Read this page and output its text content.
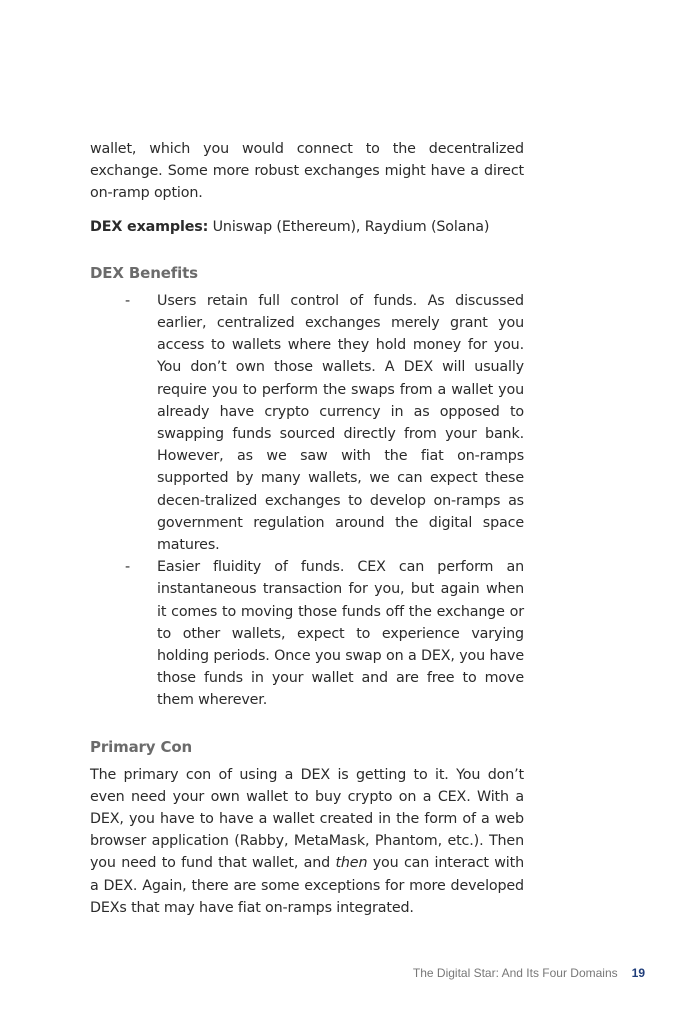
wallet, which you would connect to the decentralized exchange. Some more robust exchanges might have a direct on-ramp option.

DEX examples: Uniswap (Ethereum), Raydium (Solana)

DEX Benefits
- Users retain full control of funds. As discussed earlier, centralized exchanges merely grant you access to wallets where they hold money for you. You don’t own those wallets. A DEX will usually require you to perform the swaps from a wallet you already have crypto currency in as opposed to swapping funds sourced directly from your bank. However, as we saw with the fiat on-ramps supported by many wallets, we can expect these decen-tralized exchanges to develop on-ramps as government regulation around the digital space matures.
- Easier fluidity of funds. CEX can perform an instantaneous transaction for you, but again when it comes to moving those funds off the exchange or to other wallets, expect to experience varying holding periods. Once you swap on a DEX, you have those funds in your wallet and are free to move them wherever.
Primary Con

The primary con of using a DEX is getting to it. You don’t even need your own wallet to buy crypto on a CEX. With a DEX, you have to have a wallet created in the form of a web browser application (Rabby, MetaMask, Phantom, etc.). Then you need to fund that wallet, and then you can interact with a DEX. Again, there are some exceptions for more developed DEXs that may have fiat on-ramps integrated.

The Digital Star: And Its Four Domains 19
